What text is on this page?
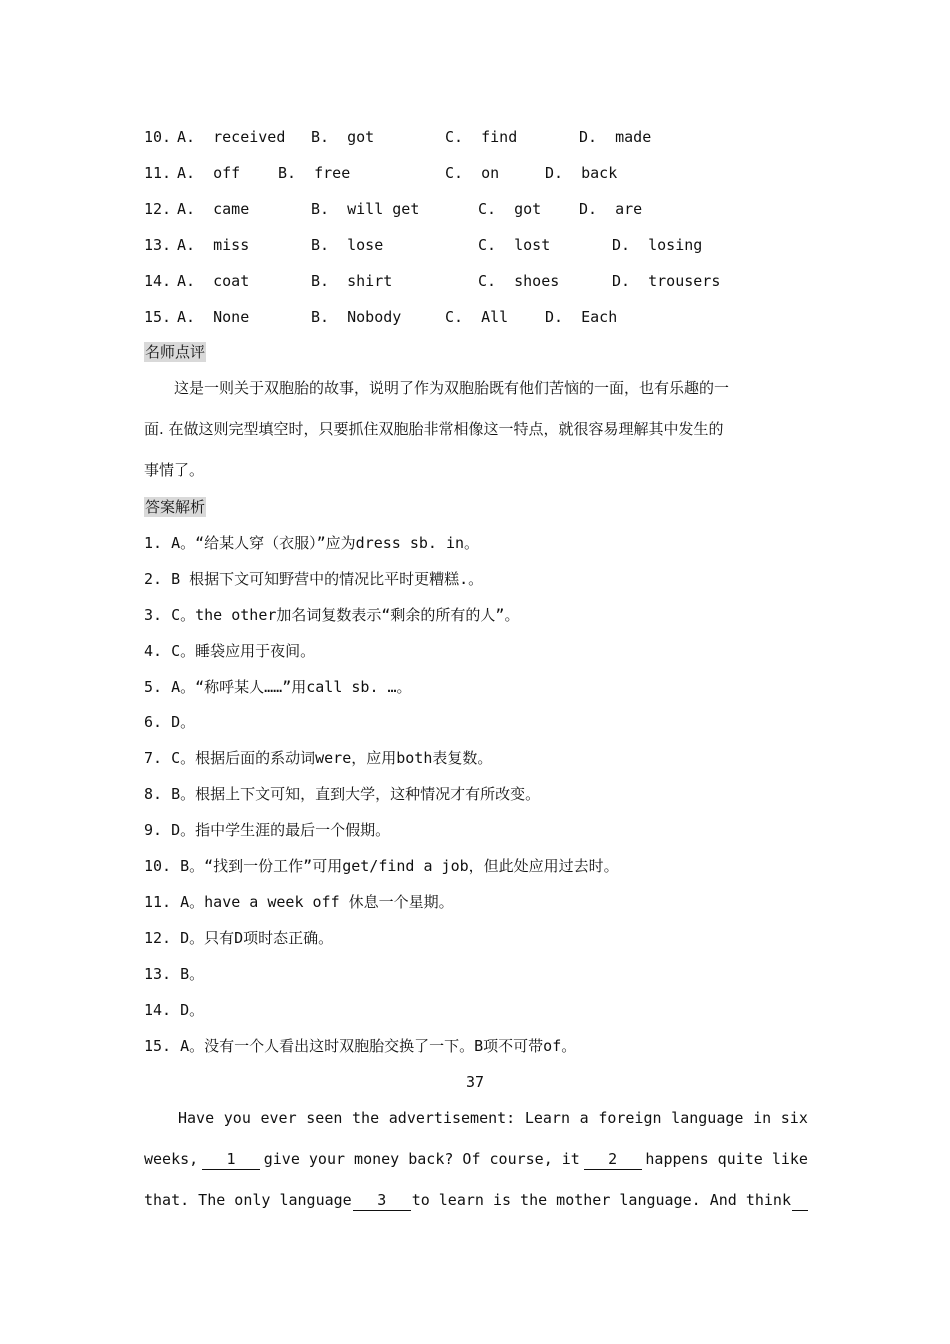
10. A.  received B.  got	C.  find	D.  made
11. A.  off	B.  free	C.  on	D.  back
12. A.  came	B.  will get	C.  got	D.  are
13. A.  miss	B.  lose	C.  lost	D.  losing
14. A.  coat	B.  shirt	C.  shoes	D.  trousers
15. A.  None	B.  Nobody	C.  All D.  Each
名师点评
　　这是一则关于双胞胎的故事，说明了作为双胞胎既有他们苦恼的一面，也有乐趣的一
面. 在做这则完型填空时，只要抓住双胞胎非常相像这一特点，就很容易理解其中发生的
事情了。
答案解析
1. A。“给某人穿（衣服）”应为dress sb. in。
2. B 根据下文可知野营中的情况比平时更糟糕.。
3. C。the other加名词复数表示“剩余的所有的人”。
4. C。睡袋应用于夜间。
5. A。“称呼某人……”用call sb. …。
6. D。
7. C。根据后面的系动词were，应用both表复数。
8. B。根据上下文可知，直到大学，这种情况才有所改变。
9. D。指中学生涯的最后一个假期。
10. B。“找到一份工作”可用get/find a job，但此处应用过去时。
11. A。have a week off 休息一个星期。
12. D。只有D项时态正确。
13. B。
14. D。
15. A。没有一个人看出这时双胞胎交换了一下。B项不可带of。
37
Have you ever seen the advertisement: Learn a foreign language in six
weeks,	1	give your money back? Of course, it	2	happens quite like
that. The only language	3	to learn is the mother language. And think
